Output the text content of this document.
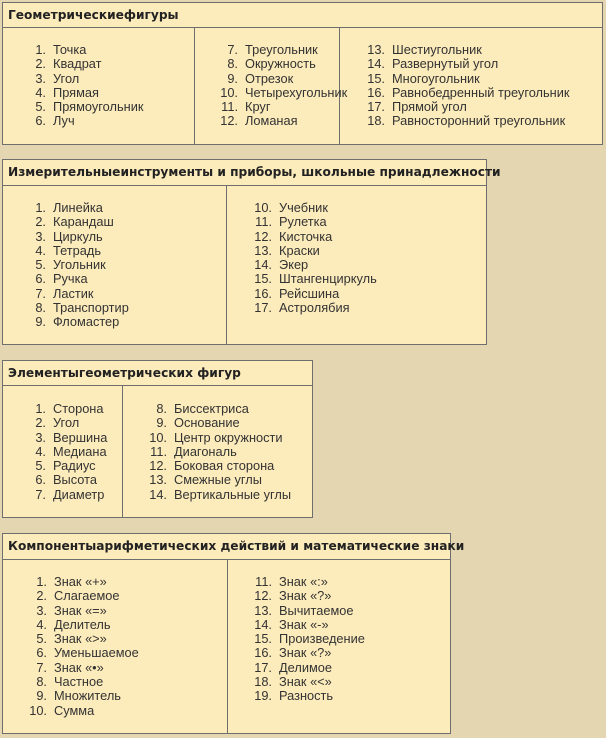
Геометрическиефигуры
1. Точка
2. Квадрат
3. Угол
4. Прямая
5. Прямоугольник
6. Луч
7. Треугольник
8. Окружность
9. Отрезок
10. Четырехугольник
11. Круг
12. Ломаная
13. Шестиугольник
14. Развернутый угол
15. Многоугольник
16. Равнобедренный треугольник
17. Прямой угол
18. Равносторонний треугольник
Измерительныеинструменты и приборы, школьные принадлежности
1. Линейка
2. Карандаш
3. Циркуль
4. Тетрадь
5. Угольник
6. Ручка
7. Ластик
8. Транспортир
9. Фломастер
10. Учебник
11. Рулетка
12. Кисточка
13. Краски
14. Экер
15. Штангенциркуль
16. Рейсшина
17. Астролябия
Элементыгеометрических фигур
1. Сторона
2. Угол
3. Вершина
4. Медиана
5. Радиус
6. Высота
7. Диаметр
8. Биссектриса
9. Основание
10. Центр окружности
11. Диагональ
12. Боковая сторона
13. Смежные углы
14. Вертикальные углы
Компонентыарифметических действий и математические знаки
1. Знак «+»
2. Слагаемое
3. Знак «=»
4. Делитель
5. Знак «>»
6. Уменьшаемое
7. Знак «•»
8. Частное
9. Множитель
10. Сумма
11. Знак «:»
12. Знак «?»
13. Вычитаемое
14. Знак «-»
15. Произведение
16. Знак «?»
17. Делимое
18. Знак «<»
19. Разность
